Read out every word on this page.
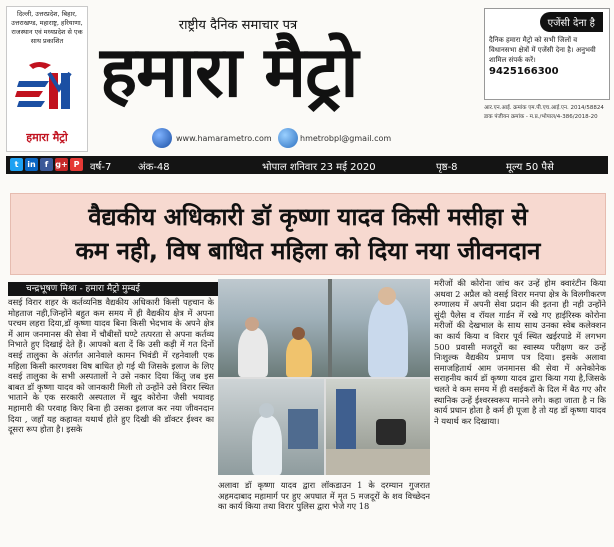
दिल्ली, उत्तरप्रदेश, बिहार, उत्तराखण्ड, महाराष्ट्र, हरियाणा, राजस्थान एवं मध्यप्रदेश से एक साथ प्रकाशित
हमारा मैट्रो
राष्ट्रीय दैनिक समाचार पत्र
हमारा मैट्रो
www.hamarametro.com	hmetrobpl@gmail.com
एजेंसी देना है
दैनिक हमारा मैट्रो को सभी जिलों व विधानसभा क्षेत्रों में एजेंसी देना है। अनुभवी शामिल संपर्क करें।
9425166300
आर.एन.आई. क्रमांक एम.पी.एच.आई.एन. 2014/58824
डाक पंजीयन क्रमांक - म.प्र./भोपाल/4-386/2018-20
t	in	f g+ P	वर्ष-7	अंक-48	भोपाल शनिवार 23 मई 2020	पृष्ठ-8	मूल्य 50 पैसे
वैद्यकीय अधिकारी डॉ कृष्णा यादव किसी मसीहा से
कम नही, विष बाधित महिला को दिया नया जीवनदान
चन्द्रभूषण मिश्रा - हमारा मैट्रो मुम्बई
वसई विरार शहर के कर्तव्यनिष्ठ वैद्यकीय अधिकारी किसी पहचान के मोहताज नही,जिन्होंने बहुत कम समय में ही वैद्यकीय क्षेत्र में अपना परचम लहरा दिया,डॉ कृष्णा यादव बिना किसी भेदभाव के अपने क्षेत्र में आम जनमानस की सेवा में चौबीसों घण्टे तत्परता से अपना कर्तव्य निभाते हुए दिखाई देते हैं। आपको बता दें कि उसी कड़ी में गत दिनों वसई तालुका के अंतर्गत आनेवाले कामन भिवंडी में रहनेवाली एक महिला किसी कारणवश विष बाधित हो गई थी जिसके इलाज के लिए वसई तालुका के सभी अस्पतालों ने उसे नकार दिया किंतु जब इस बाबत डॉ कृष्णा यादव को जानकारी मिली तो उन्होंने उसे विरार स्थित भाताने के एक सरकारी अस्पताल में खुद कोरोना जैसी भयावह महामारी की परवाह किए बिना ही उसका इलाज कर नया जीवनदान दिया , जहाँ यह कहावत यथार्थ होते हुए दिखी की डॉक्टर ईश्वर का दूसरा रूप होता है। इसके
अलावा डॉ कृष्णा यादव द्वारा लॉकडाउन 1 के दरम्यान गुजरात अहमदाबाद महामार्ग पर हुए अपघात में मृत 5 मजदूरों के शव विच्छेदन का कार्य किया तथा विरार पुलिस द्वारा भेजे गए 18
मरीजों की कोरोना जांच कर उन्हें होम क्वारंटीन किया अथवा 2 अप्रैल को वसई विरार मनपा क्षेत्र के विलगीकरण रुग्णालय में अपनी सेवा प्रदान की इतना ही नही उन्होंने सुंदी पैलेस व रॉयल गार्डन में रखे गए हाईरिस्क कोरोना मरीजों की देखभाल के साथ साथ उनका स्वेब कलेक्शन का कार्य किया व विरार पूर्व स्थित खईरपाडे में लगभग 500 प्रवासी मजदूरों का स्वास्थ्य परीक्षण कर उन्हें निःशुल्क वैद्यकीय प्रमाण पत्र दिया। इसके अलावा समाजहितार्थ आम जनमानस की सेवा में अनेकोनेक सराहनीय कार्य डॉ कृष्णा यादव द्वारा किया गया है,जिसके चलते वे कम समय में ही वसईकरों के दिल में बैठ गए और स्थानिक उन्हें ईश्वरस्वरूप मानने लगे। कहा जाता है न कि कार्य प्रधान होता है कर्म ही पूजा है तो यह डॉ कृष्णा यादव ने यथार्थ कर दिखाया।
